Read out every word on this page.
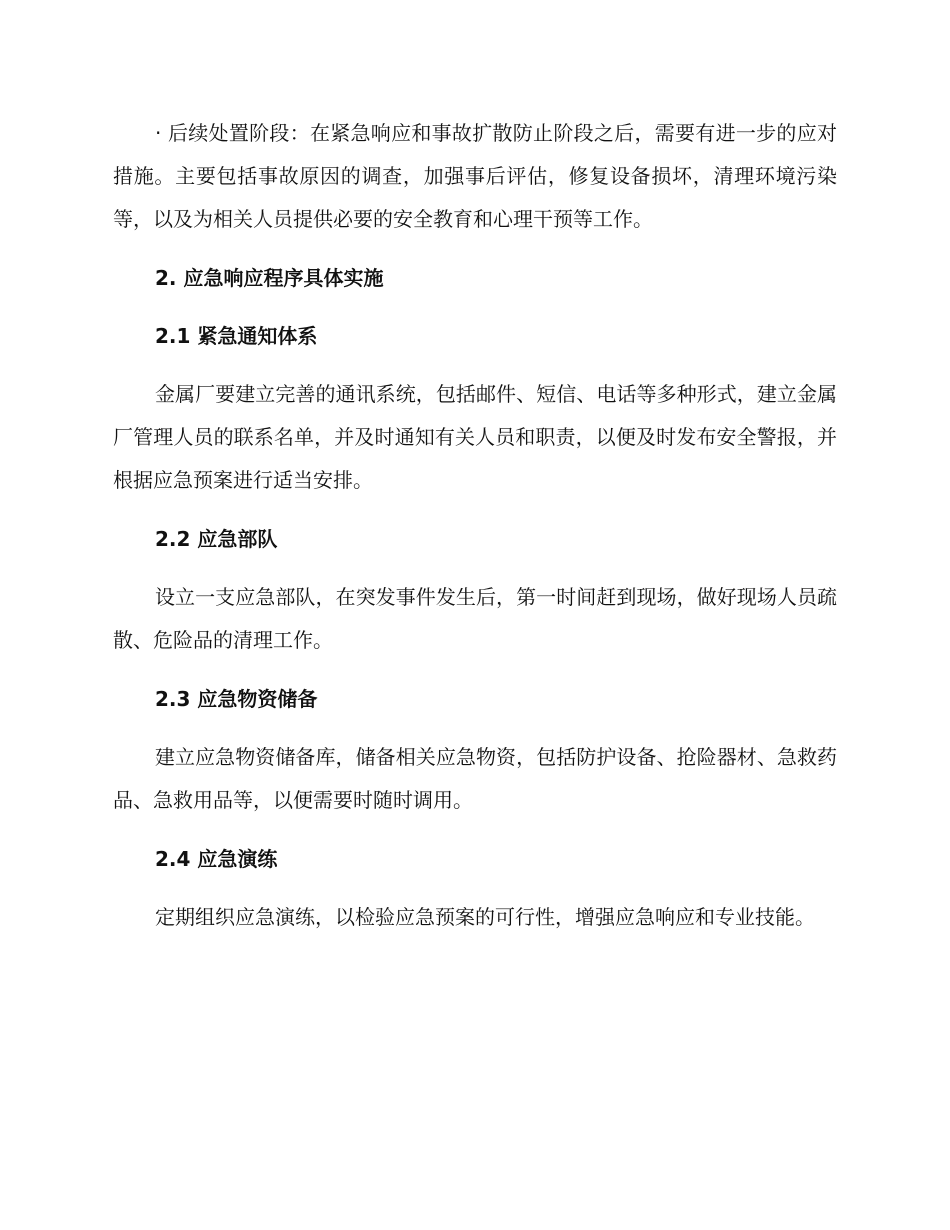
· 后续处置阶段：在紧急响应和事故扩散防止阶段之后，需要有进一步的应对措施。主要包括事故原因的调查，加强事后评估，修复设备损坏，清理环境污染等，以及为相关人员提供必要的安全教育和心理干预等工作。

2. 应急响应程序具体实施

2.1 紧急通知体系

金属厂要建立完善的通讯系统，包括邮件、短信、电话等多种形式，建立金属厂管理人员的联系名单，并及时通知有关人员和职责，以便及时发布安全警报，并根据应急预案进行适当安排。

2.2 应急部队

设立一支应急部队，在突发事件发生后，第一时间赶到现场，做好现场人员疏散、危险品的清理工作。

2.3 应急物资储备

建立应急物资储备库，储备相关应急物资，包括防护设备、抢险器材、急救药品、急救用品等，以便需要时随时调用。

2.4 应急演练

定期组织应急演练，以检验应急预案的可行性，增强应急响应和专业技能。
